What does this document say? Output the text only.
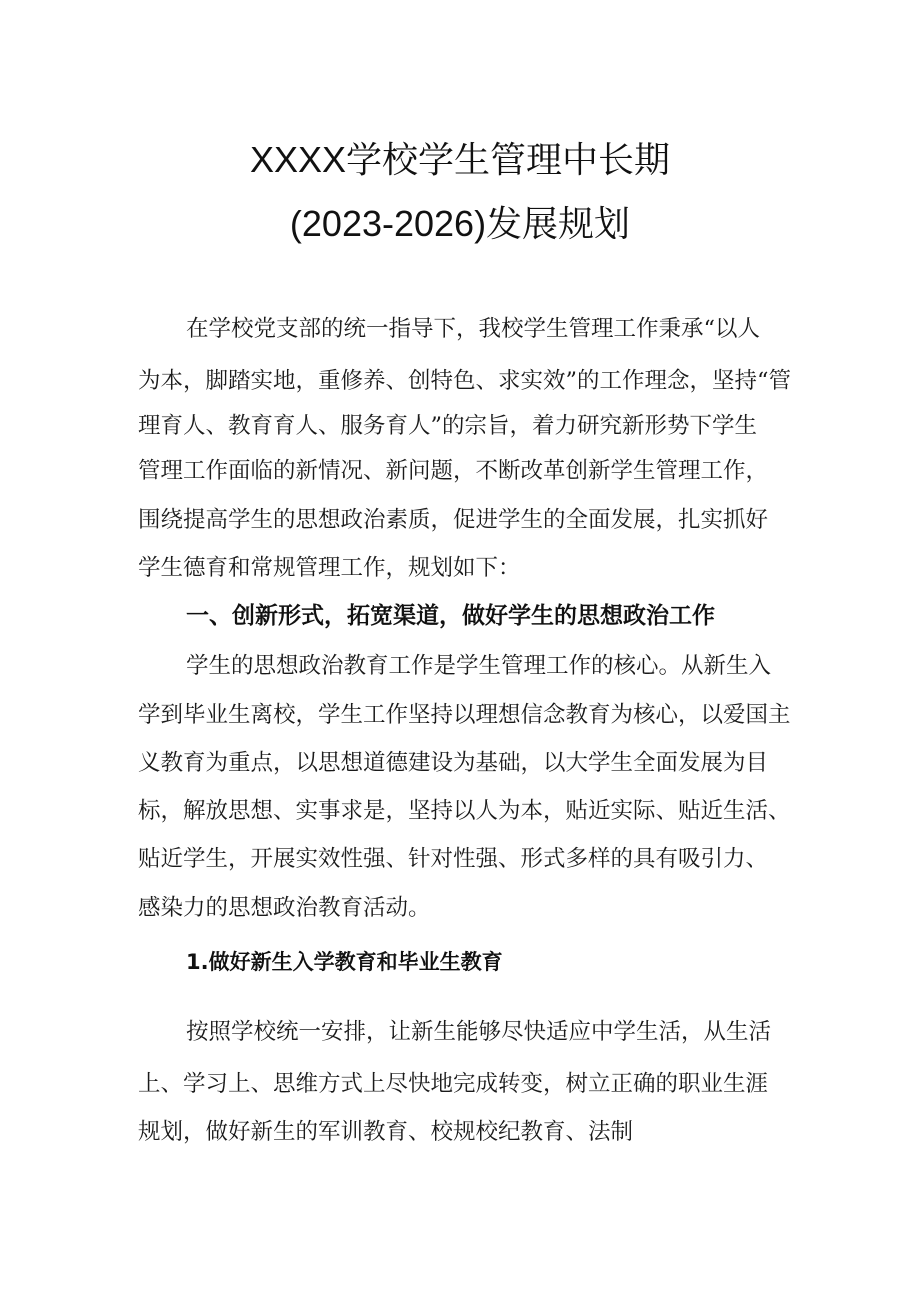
XXXX学校学生管理中长期
(2023-2026)发展规划
在学校党支部的统一指导下，我校学生管理工作秉承“以人
为本，脚踏实地，重修养、创特色、求实效”的工作理念，坚持“管
理育人、教育育人、服务育人”的宗旨，着力研究新形势下学生
管理工作面临的新情况、新问题，不断改革创新学生管理工作，
围绕提高学生的思想政治素质，促进学生的全面发展，扎实抓好
学生德育和常规管理工作，规划如下：
一、创新形式，拓宽渠道，做好学生的思想政治工作
学生的思想政治教育工作是学生管理工作的核心。从新生入
学到毕业生离校，学生工作坚持以理想信念教育为核心，以爱国主
义教育为重点，以思想道德建设为基础，以大学生全面发展为目
标，解放思想、实事求是，坚持以人为本，贴近实际、贴近生活、
贴近学生，开展实效性强、针对性强、形式多样的具有吸引力、
感染力的思想政治教育活动。
1.做好新生入学教育和毕业生教育
按照学校统一安排，让新生能够尽快适应中学生活，从生活
上、学习上、思维方式上尽快地完成转变，树立正确的职业生涯
规划，做好新生的军训教育、校规校纪教育、法制
